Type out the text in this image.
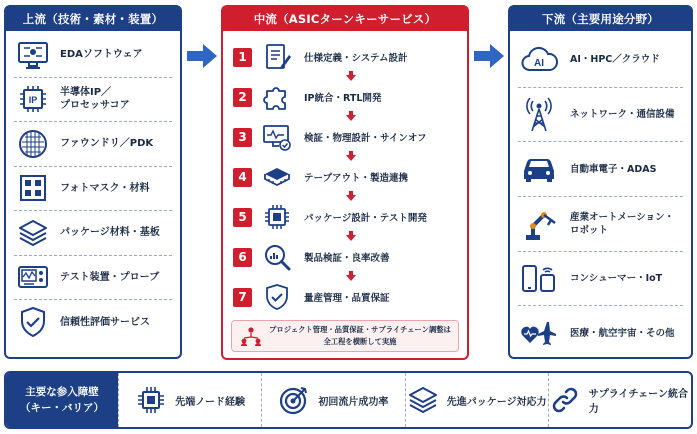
上流（技術・素材・装置）
EDAソフトウェア
IP
半導体IP／
プロセッサコア
ファウンドリ／PDK
フォトマスク・材料
パッケージ材料・基板
テスト装置・プローブ
信頼性評価サービス
中流（ASICターンキーサービス）
1	仕様定義・システム設計
2	IP統合・RTL開発
3	検証・物理設計・サインオフ
4	テープアウト・製造連携
5	パッケージ設計・テスト開発
6	製品検証・良率改善
7	量産管理・品質保証
プロジェクト管理・品質保証・サプライチェーン調整は
全工程を横断して実施
下流（主要用途分野）
AI	AI・HPC／クラウド
ネットワーク・通信設備
自動車電子・ADAS
産業オートメーション・
ロボット
コンシューマー・IoT
医療・航空宇宙・その他
主要な参入障壁
（キー・バリア）	先端ノード経験	初回流片成功率	先進パッケージ対応力
サプライチェーン統合力
